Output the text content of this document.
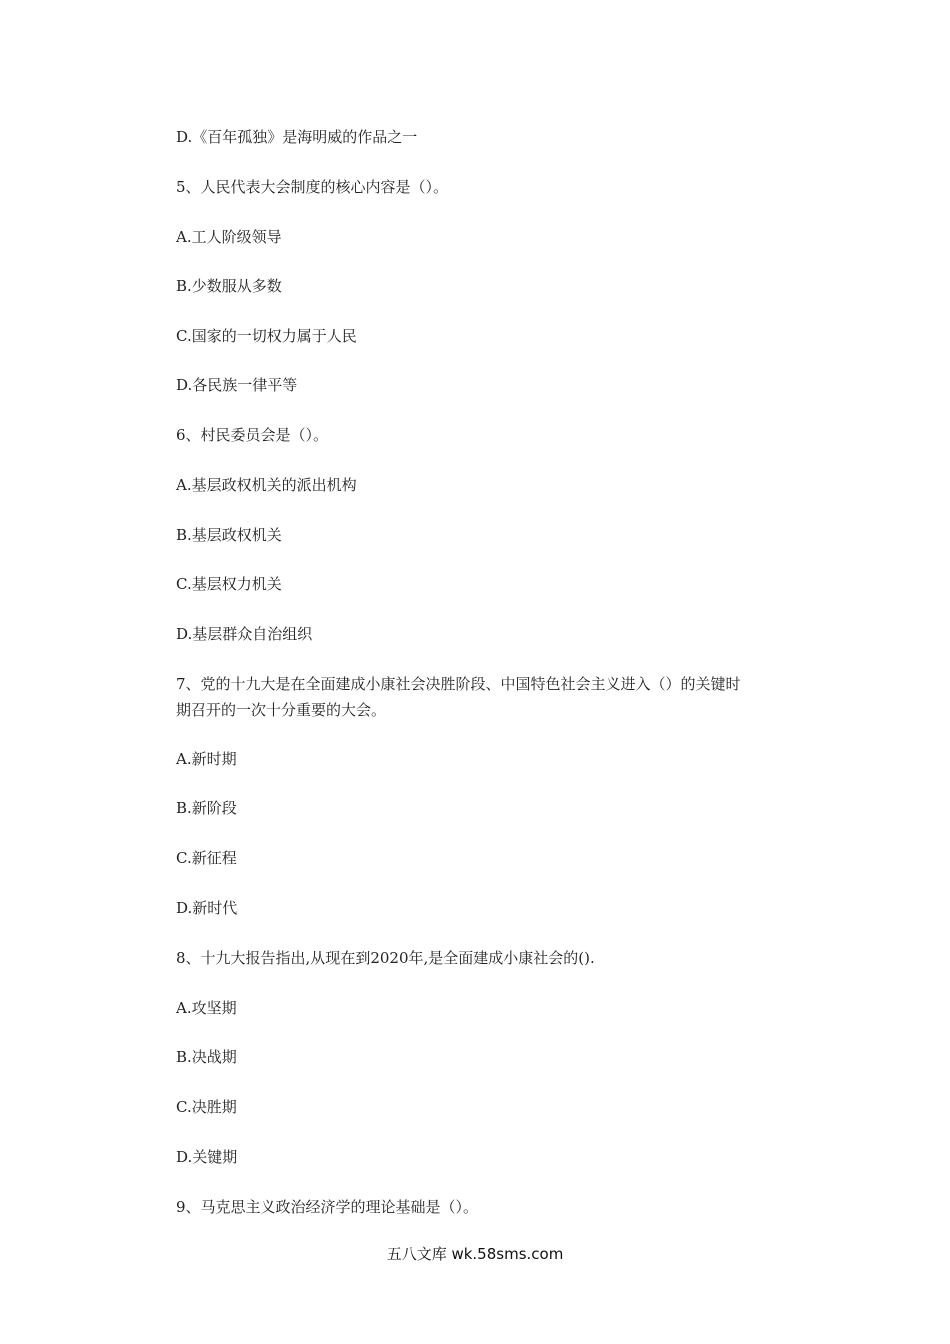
D.《百年孤独》是海明威的作品之一
5、人民代表大会制度的核心内容是（）。
A.工人阶级领导
B.少数服从多数
C.国家的一切权力属于人民
D.各民族一律平等
6、村民委员会是（）。
A.基层政权机关的派出机构
B.基层政权机关
C.基层权力机关
D.基层群众自治组织
7、党的十九大是在全面建成小康社会决胜阶段、中国特色社会主义进入（）的关键时
期召开的一次十分重要的大会。
A.新时期
B.新阶段
C.新征程
D.新时代
8、十九大报告指出,从现在到2020年,是全面建成小康社会的().
A.攻坚期
B.决战期
C.决胜期
D.关键期
9、马克思主义政治经济学的理论基础是（）。
五八文库 wk.58sms.com
